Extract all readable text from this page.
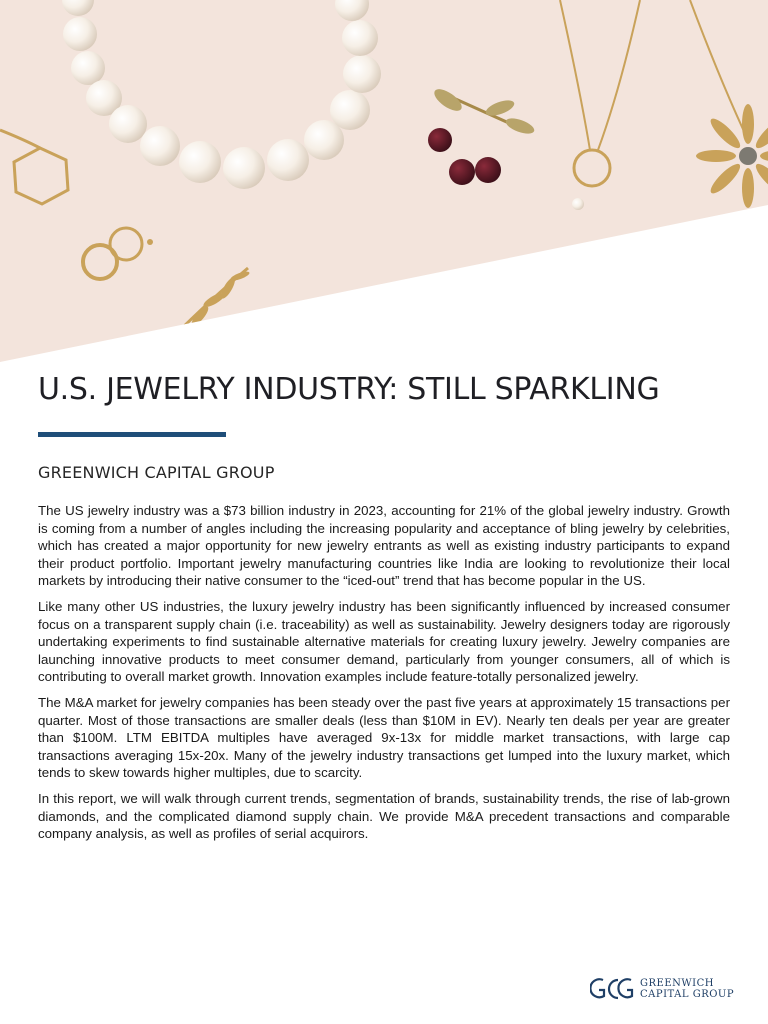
U.S. JEWELRY INDUSTRY: STILL SPARKLING
GREENWICH CAPITAL GROUP

The US jewelry industry was a $73 billion industry in 2023, accounting for 21% of the global jewelry industry. Growth is coming from a number of angles including the increasing popularity and acceptance of bling jewelry by celebrities, which has created a major opportunity for new jewelry entrants as well as existing industry participants to expand their product portfolio. Important jewelry manufacturing countries like India are looking to revolutionize their local markets by introducing their native consumer to the “iced-out” trend that has become popular in the US.

Like many other US industries, the luxury jewelry industry has been significantly influenced by increased consumer focus on a transparent supply chain (i.e. traceability) as well as sustainability. Jewelry designers today are rigorously undertaking experiments to find sustainable alternative materials for creating luxury jewelry. Jewelry companies are launching innovative products to meet consumer demand, particularly from younger consumers, all of which is contributing to overall market growth. Innovation examples include feature-totally personalized jewelry.

The M&A market for jewelry companies has been steady over the past five years at approximately 15 transactions per quarter. Most of those transactions are smaller deals (less than $10M in EV). Nearly ten deals per year are greater than $100M. LTM EBITDA multiples have averaged 9x-13x for middle market transactions, with large cap transactions averaging 15x-20x. Many of the jewelry industry transactions get lumped into the luxury market, which tends to skew towards higher multiples, due to scarcity.

In this report, we will walk through current trends, segmentation of brands, sustainability trends, the rise of lab-grown diamonds, and the complicated diamond supply chain. We provide M&A precedent transactions and comparable company analysis, as well as profiles of serial acquirors.

GREENWICH
CAPITAL GROUP
